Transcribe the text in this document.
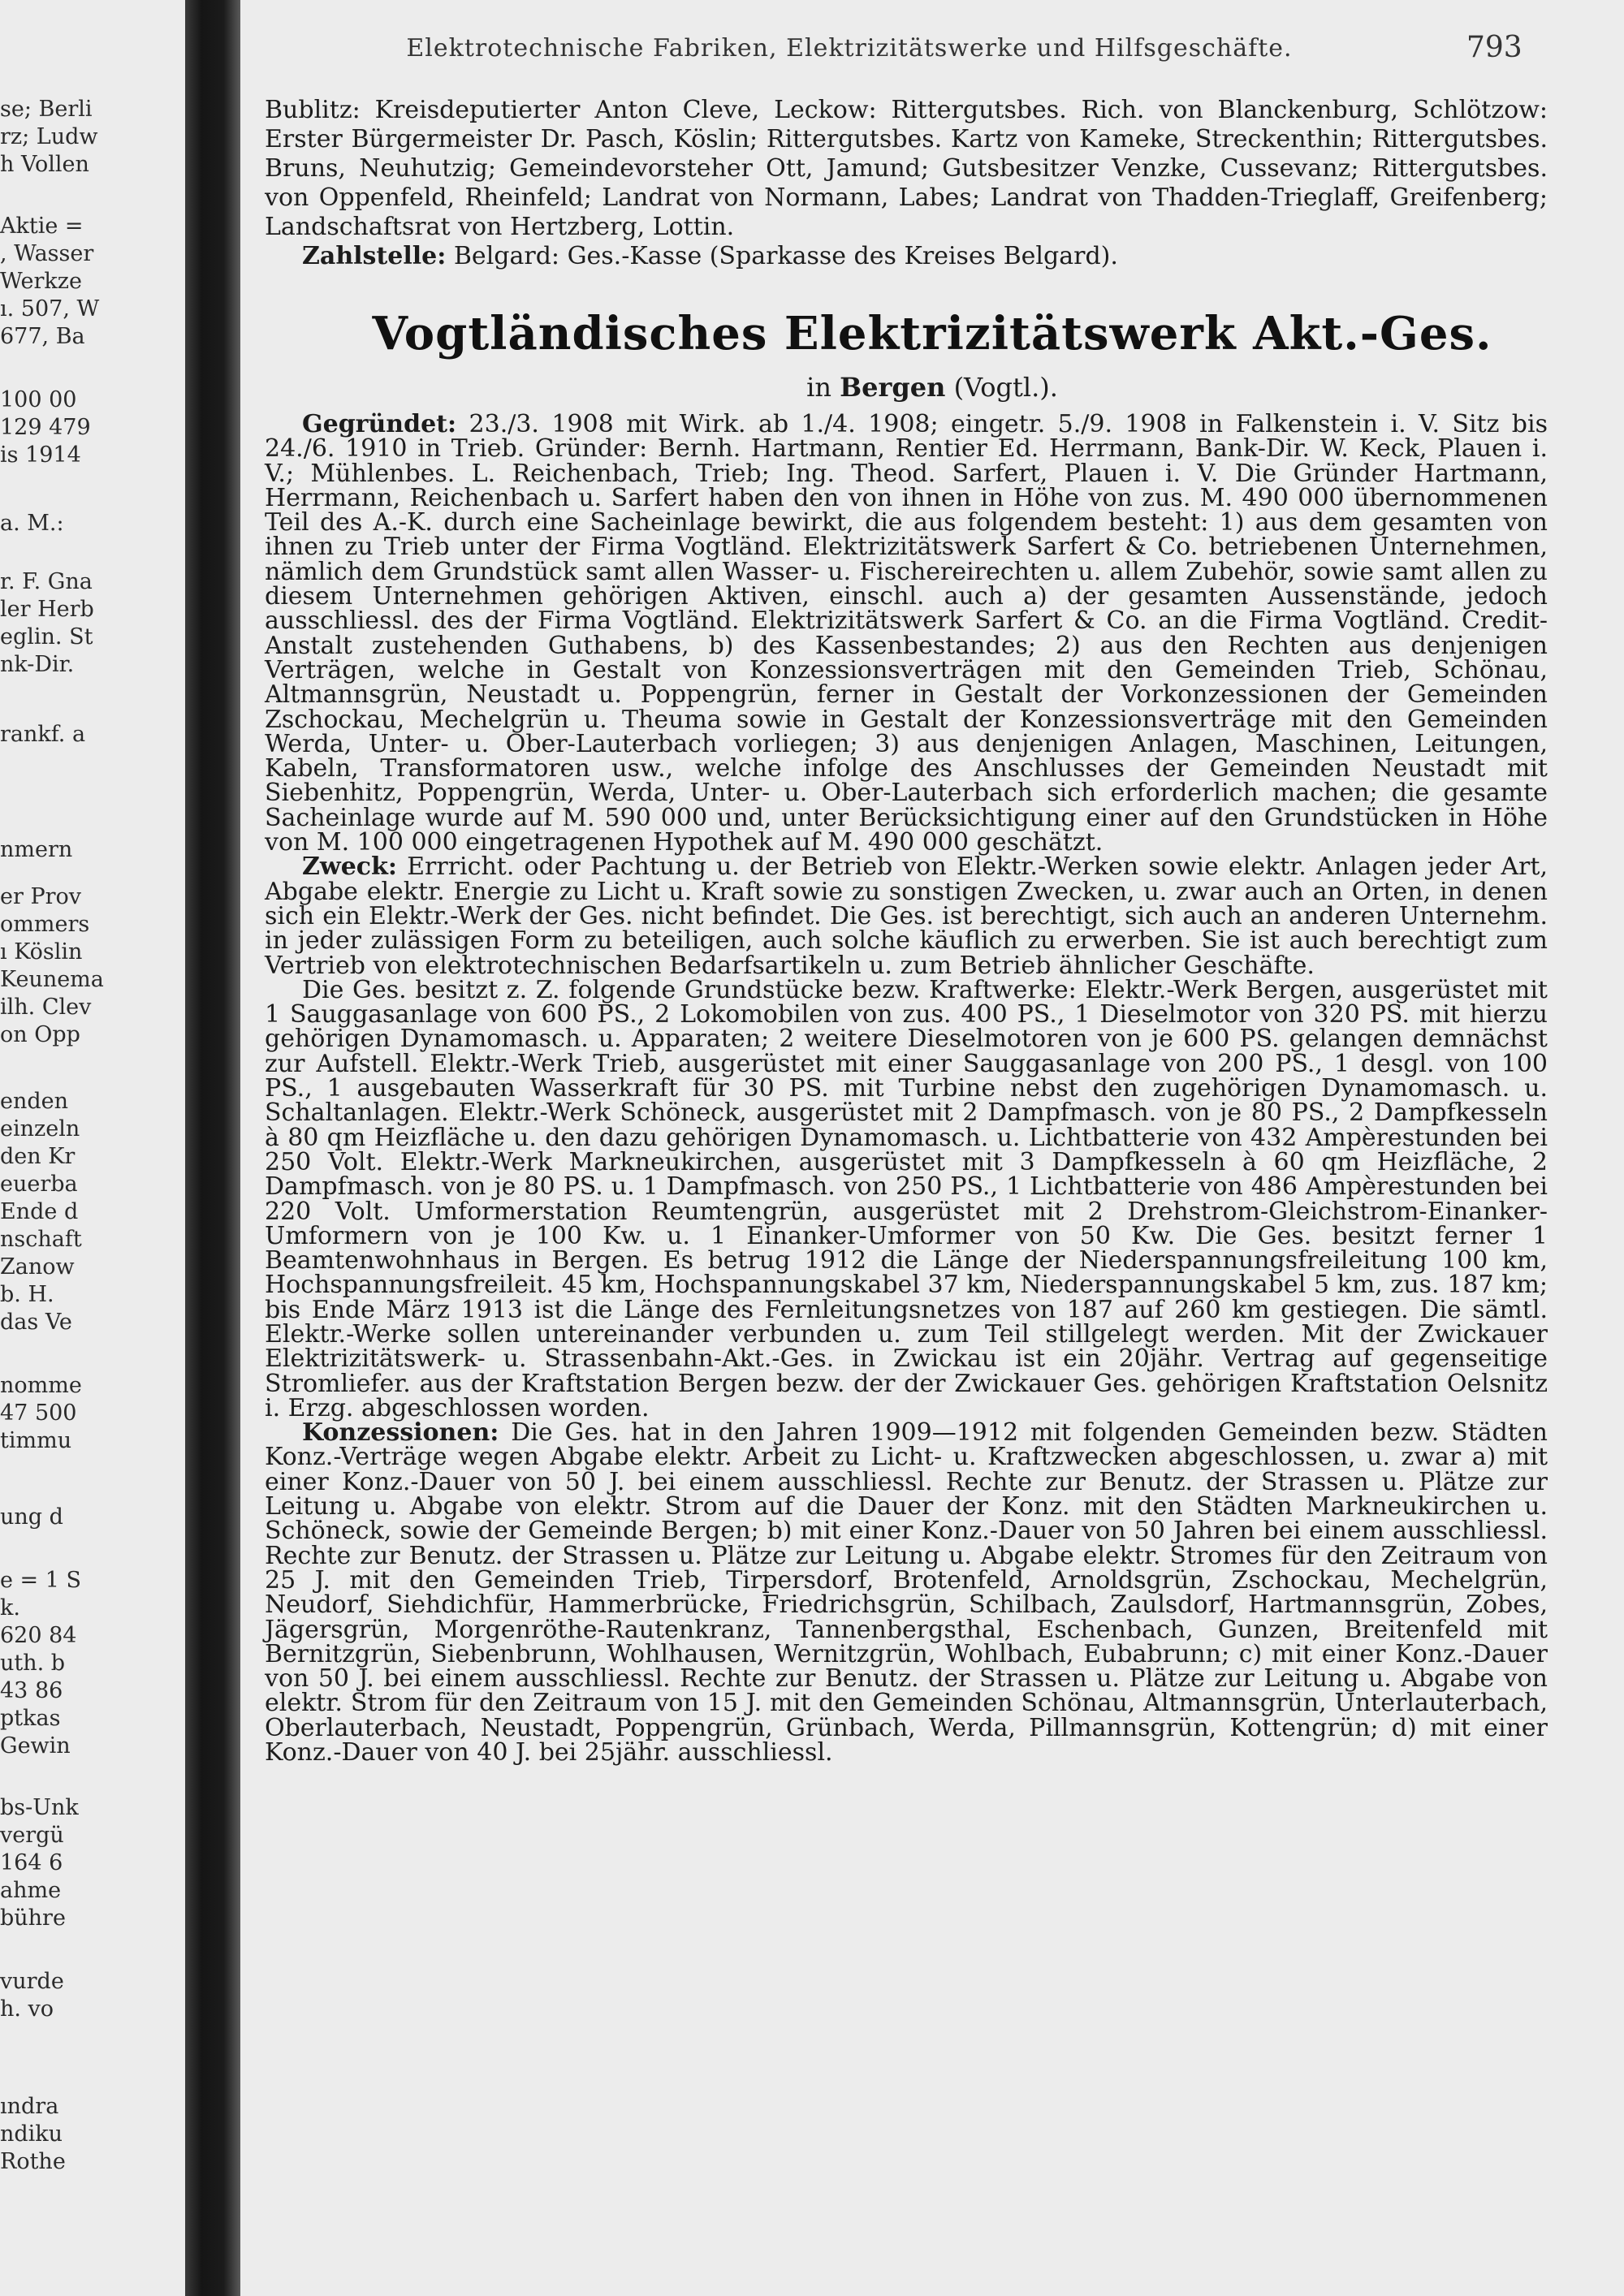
se; Berli
rz; Ludw
h Vollen
Aktie =
, Wasser
Werkze
ı. 507, W
677, Ba
100 00
129 479
is 1914
a. M.:
r. F. Gna
ler Herb
eglin. St
nk-Dir.
rankf. a
nmern
er Prov
ommers
ı Köslin
Keunema
ilh. Clev
on Opp
enden
einzeln
den Kr
euerba
Ende d
nschaft
Zanow
b. H.
das Ve
nomme
47 500
timmu
ung d
e = 1 S
k.
620 84
uth. b
43 86
ptkas
Gewin
bs-Unk
vergü
164 6
ahme
bühre
vurde
h. vo
ındra
ndiku
Rothe
Elektrotechnische Fabriken, Elektrizitätswerke und Hilfsgeschäfte.	793
Bublitz: Kreisdeputierter Anton Cleve, Leckow: Rittergutsbes. Rich. von Blanckenburg, Schlötzow: Erster Bürgermeister Dr. Pasch, Köslin; Rittergutsbes. Kartz von Kameke, Streckenthin; Rittergutsbes. Bruns, Neuhutzig; Gemeindevorsteher Ott, Jamund; Gutsbesitzer Venzke, Cussevanz; Rittergutsbes. von Oppenfeld, Rheinfeld; Landrat von Normann, Labes; Landrat von Thadden-Trieglaff, Greifenberg; Landschaftsrat von Hertzberg, Lottin.
Zahlstelle: Belgard: Ges.-Kasse (Sparkasse des Kreises Belgard).
Vogtländisches Elektrizitätswerk Akt.-Ges.
in Bergen (Vogtl.).

Gegründet: 23./3. 1908 mit Wirk. ab 1./4. 1908; eingetr. 5./9. 1908 in Falkenstein i. V. Sitz bis 24./6. 1910 in Trieb. Gründer: Bernh. Hartmann, Rentier Ed. Herrmann, Bank-Dir. W. Keck, Plauen i. V.; Mühlenbes. L. Reichenbach, Trieb; Ing. Theod. Sarfert, Plauen i. V. Die Gründer Hartmann, Herrmann, Reichenbach u. Sarfert haben den von ihnen in Höhe von zus. M. 490 000 übernommenen Teil des A.-K. durch eine Sacheinlage bewirkt, die aus folgendem besteht: 1) aus dem gesamten von ihnen zu Trieb unter der Firma Vogtländ. Elektrizitätswerk Sarfert & Co. betriebenen Unternehmen, nämlich dem Grundstück samt allen Wasser- u. Fischereirechten u. allem Zubehör, sowie samt allen zu diesem Unternehmen gehörigen Aktiven, einschl. auch a) der gesamten Aussenstände, jedoch ausschliessl. des der Firma Vogtländ. Elektrizitätswerk Sarfert & Co. an die Firma Vogtländ. Credit-Anstalt zustehenden Guthabens, b) des Kassenbestandes; 2) aus den Rechten aus denjenigen Verträgen, welche in Gestalt von Konzessionsverträgen mit den Gemeinden Trieb, Schönau, Altmannsgrün, Neustadt u. Poppengrün, ferner in Gestalt der Vorkonzessionen der Gemeinden Zschockau, Mechelgrün u. Theuma sowie in Gestalt der Konzessionsverträge mit den Gemeinden Werda, Unter- u. Ober-Lauterbach vorliegen; 3) aus denjenigen Anlagen, Maschinen, Leitungen, Kabeln, Transformatoren usw., welche infolge des Anschlusses der Gemeinden Neustadt mit Siebenhitz, Poppengrün, Werda, Unter- u. Ober-Lauterbach sich erforderlich machen; die gesamte Sacheinlage wurde auf M. 590 000 und, unter Berücksichtigung einer auf den Grundstücken in Höhe von M. 100 000 eingetragenen Hypothek auf M. 490 000 geschätzt.

Zweck: Errricht. oder Pachtung u. der Betrieb von Elektr.-Werken sowie elektr. Anlagen jeder Art, Abgabe elektr. Energie zu Licht u. Kraft sowie zu sonstigen Zwecken, u. zwar auch an Orten, in denen sich ein Elektr.-Werk der Ges. nicht befindet. Die Ges. ist berechtigt, sich auch an anderen Unternehm. in jeder zulässigen Form zu beteiligen, auch solche käuflich zu erwerben. Sie ist auch berechtigt zum Vertrieb von elektrotechnischen Bedarfsartikeln u. zum Betrieb ähnlicher Geschäfte.

Die Ges. besitzt z. Z. folgende Grundstücke bezw. Kraftwerke: Elektr.-Werk Bergen, ausgerüstet mit 1 Sauggasanlage von 600 PS., 2 Lokomobilen von zus. 400 PS., 1 Dieselmotor von 320 PS. mit hierzu gehörigen Dynamomasch. u. Apparaten; 2 weitere Dieselmotoren von je 600 PS. gelangen demnächst zur Aufstell. Elektr.-Werk Trieb, ausgerüstet mit einer Sauggasanlage von 200 PS., 1 desgl. von 100 PS., 1 ausgebauten Wasserkraft für 30 PS. mit Turbine nebst den zugehörigen Dynamomasch. u. Schaltanlagen. Elektr.-Werk Schöneck, ausgerüstet mit 2 Dampfmasch. von je 80 PS., 2 Dampfkesseln à 80 qm Heizfläche u. den dazu gehörigen Dynamomasch. u. Lichtbatterie von 432 Ampèrestunden bei 250 Volt. Elektr.-Werk Markneukirchen, ausgerüstet mit 3 Dampfkesseln à 60 qm Heizfläche, 2 Dampfmasch. von je 80 PS. u. 1 Dampfmasch. von 250 PS., 1 Lichtbatterie von 486 Ampèrestunden bei 220 Volt. Umformerstation Reumtengrün, ausgerüstet mit 2 Drehstrom-Gleichstrom-Einanker-Umformern von je 100 Kw. u. 1 Einanker-Umformer von 50 Kw. Die Ges. besitzt ferner 1 Beamtenwohnhaus in Bergen. Es betrug 1912 die Länge der Niederspannungsfreileitung 100 km, Hochspannungsfreileit. 45 km, Hochspannungskabel 37 km, Niederspannungskabel 5 km, zus. 187 km; bis Ende März 1913 ist die Länge des Fernleitungsnetzes von 187 auf 260 km gestiegen. Die sämtl. Elektr.-Werke sollen untereinander verbunden u. zum Teil stillgelegt werden. Mit der Zwickauer Elektrizitätswerk- u. Strassenbahn-Akt.-Ges. in Zwickau ist ein 20jähr. Vertrag auf gegenseitige Stromliefer. aus der Kraftstation Bergen bezw. der der Zwickauer Ges. gehörigen Kraftstation Oelsnitz i. Erzg. abgeschlossen worden.

Konzessionen: Die Ges. hat in den Jahren 1909—1912 mit folgenden Gemeinden bezw. Städten Konz.-Verträge wegen Abgabe elektr. Arbeit zu Licht- u. Kraftzwecken abgeschlossen, u. zwar a) mit einer Konz.-Dauer von 50 J. bei einem ausschliessl. Rechte zur Benutz. der Strassen u. Plätze zur Leitung u. Abgabe von elektr. Strom auf die Dauer der Konz. mit den Städten Markneukirchen u. Schöneck, sowie der Gemeinde Bergen; b) mit einer Konz.-Dauer von 50 Jahren bei einem ausschliessl. Rechte zur Benutz. der Strassen u. Plätze zur Leitung u. Abgabe elektr. Stromes für den Zeitraum von 25 J. mit den Gemeinden Trieb, Tirpersdorf, Brotenfeld, Arnoldsgrün, Zschockau, Mechelgrün, Neudorf, Siehdichfür, Hammerbrücke, Friedrichsgrün, Schilbach, Zaulsdorf, Hartmannsgrün, Zobes, Jägersgrün, Morgenröthe-Rautenkranz, Tannenbergsthal, Eschenbach, Gunzen, Breitenfeld mit Bernitzgrün, Siebenbrunn, Wohlhausen, Wernitzgrün, Wohlbach, Eubabrunn; c) mit einer Konz.-Dauer von 50 J. bei einem ausschliessl. Rechte zur Benutz. der Strassen u. Plätze zur Leitung u. Abgabe von elektr. Strom für den Zeitraum von 15 J. mit den Gemeinden Schönau, Altmannsgrün, Unterlauterbach, Oberlauterbach, Neustadt, Poppengrün, Grünbach, Werda, Pillmannsgrün, Kottengrün; d) mit einer Konz.-Dauer von 40 J. bei 25jähr. ausschliessl.
